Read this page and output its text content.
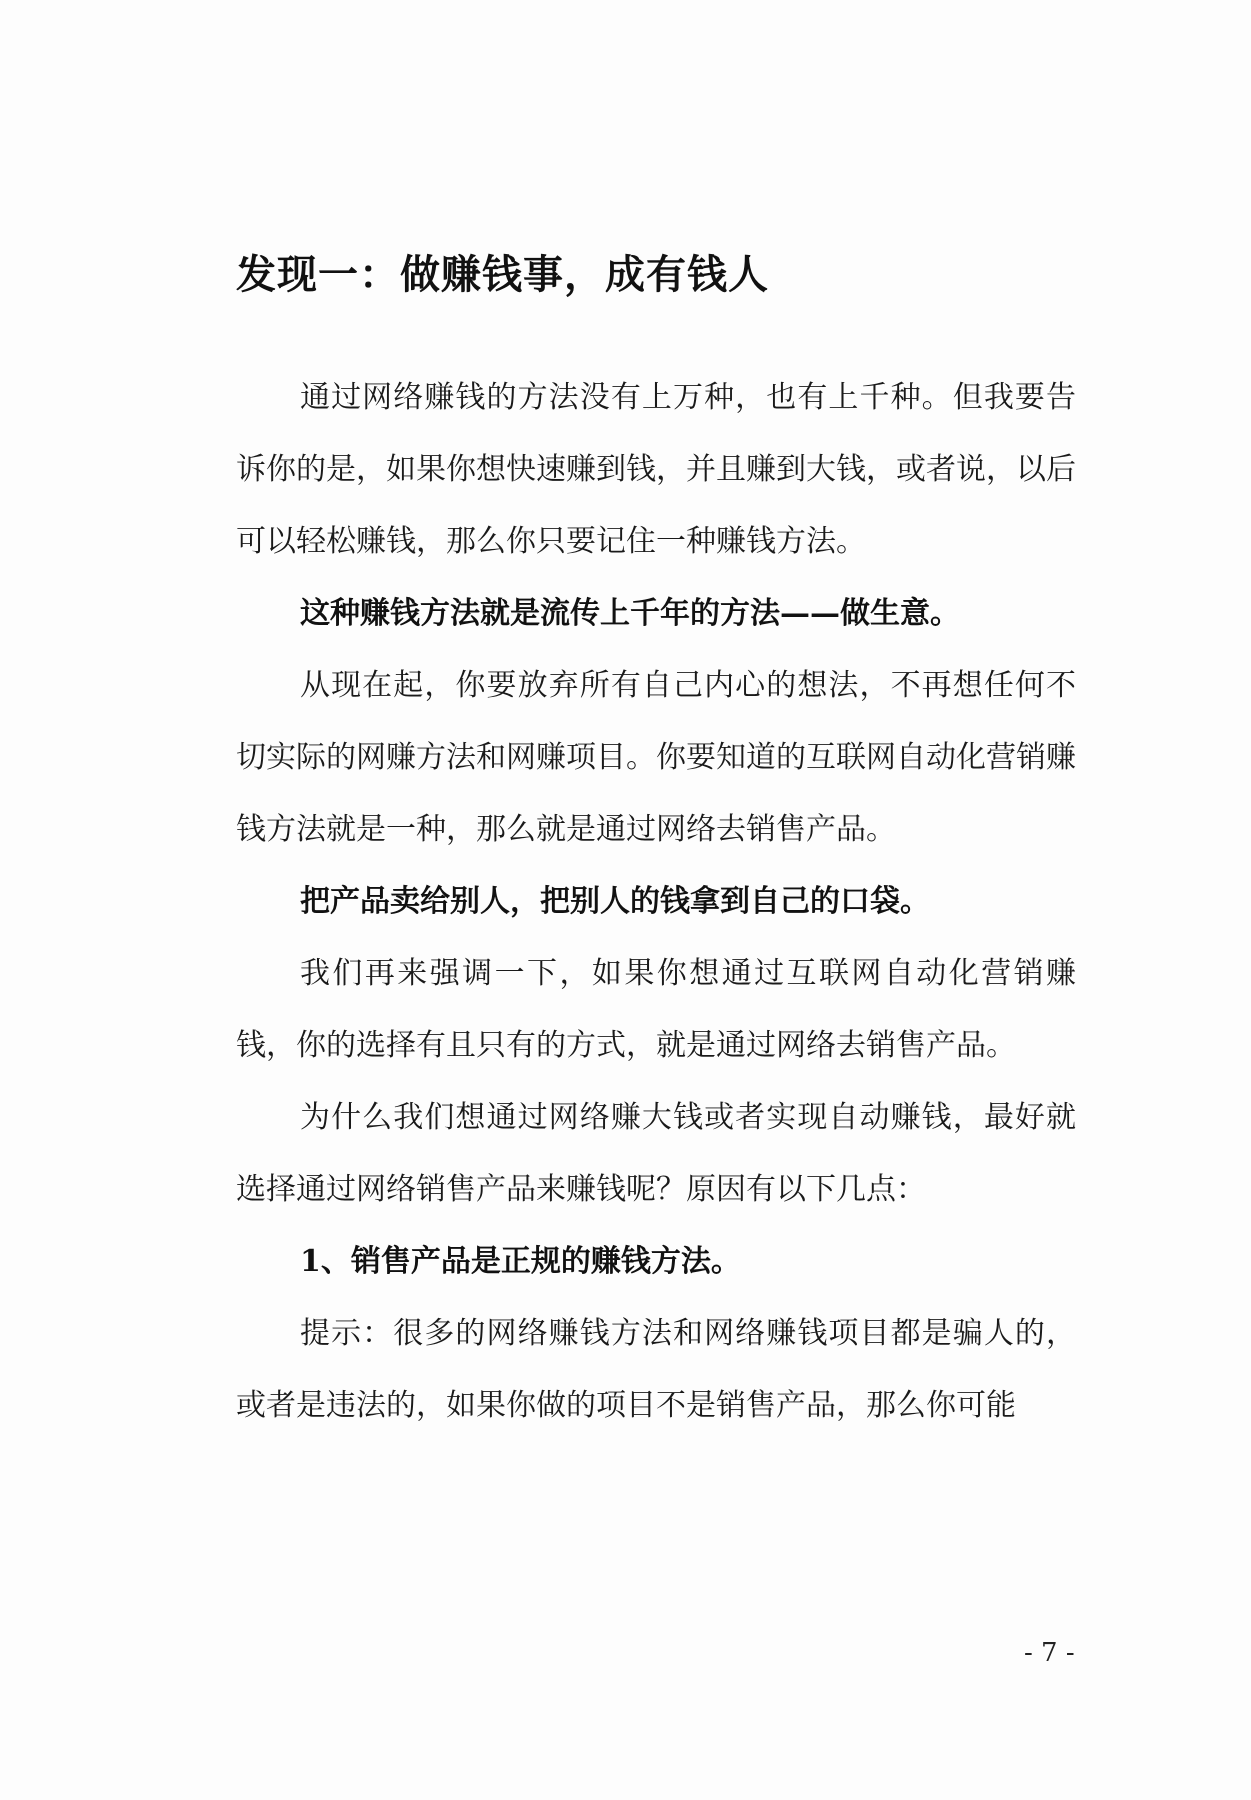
发现一：做赚钱事，成有钱人

通过网络赚钱的方法没有上万种，也有上千种。但我要告诉你的是，如果你想快速赚到钱，并且赚到大钱，或者说，以后可以轻松赚钱，那么你只要记住一种赚钱方法。

这种赚钱方法就是流传上千年的方法——做生意。

从现在起，你要放弃所有自己内心的想法，不再想任何不切实际的网赚方法和网赚项目。你要知道的互联网自动化营销赚钱方法就是一种，那么就是通过网络去销售产品。

把产品卖给别人，把别人的钱拿到自己的口袋。

我们再来强调一下，如果你想通过互联网自动化营销赚钱，你的选择有且只有的方式，就是通过网络去销售产品。

为什么我们想通过网络赚大钱或者实现自动赚钱，最好就选择通过网络销售产品来赚钱呢？原因有以下几点：

1、销售产品是正规的赚钱方法。

提示：很多的网络赚钱方法和网络赚钱项目都是骗人的，或者是违法的，如果你做的项目不是销售产品，那么你可能

- 7 -
